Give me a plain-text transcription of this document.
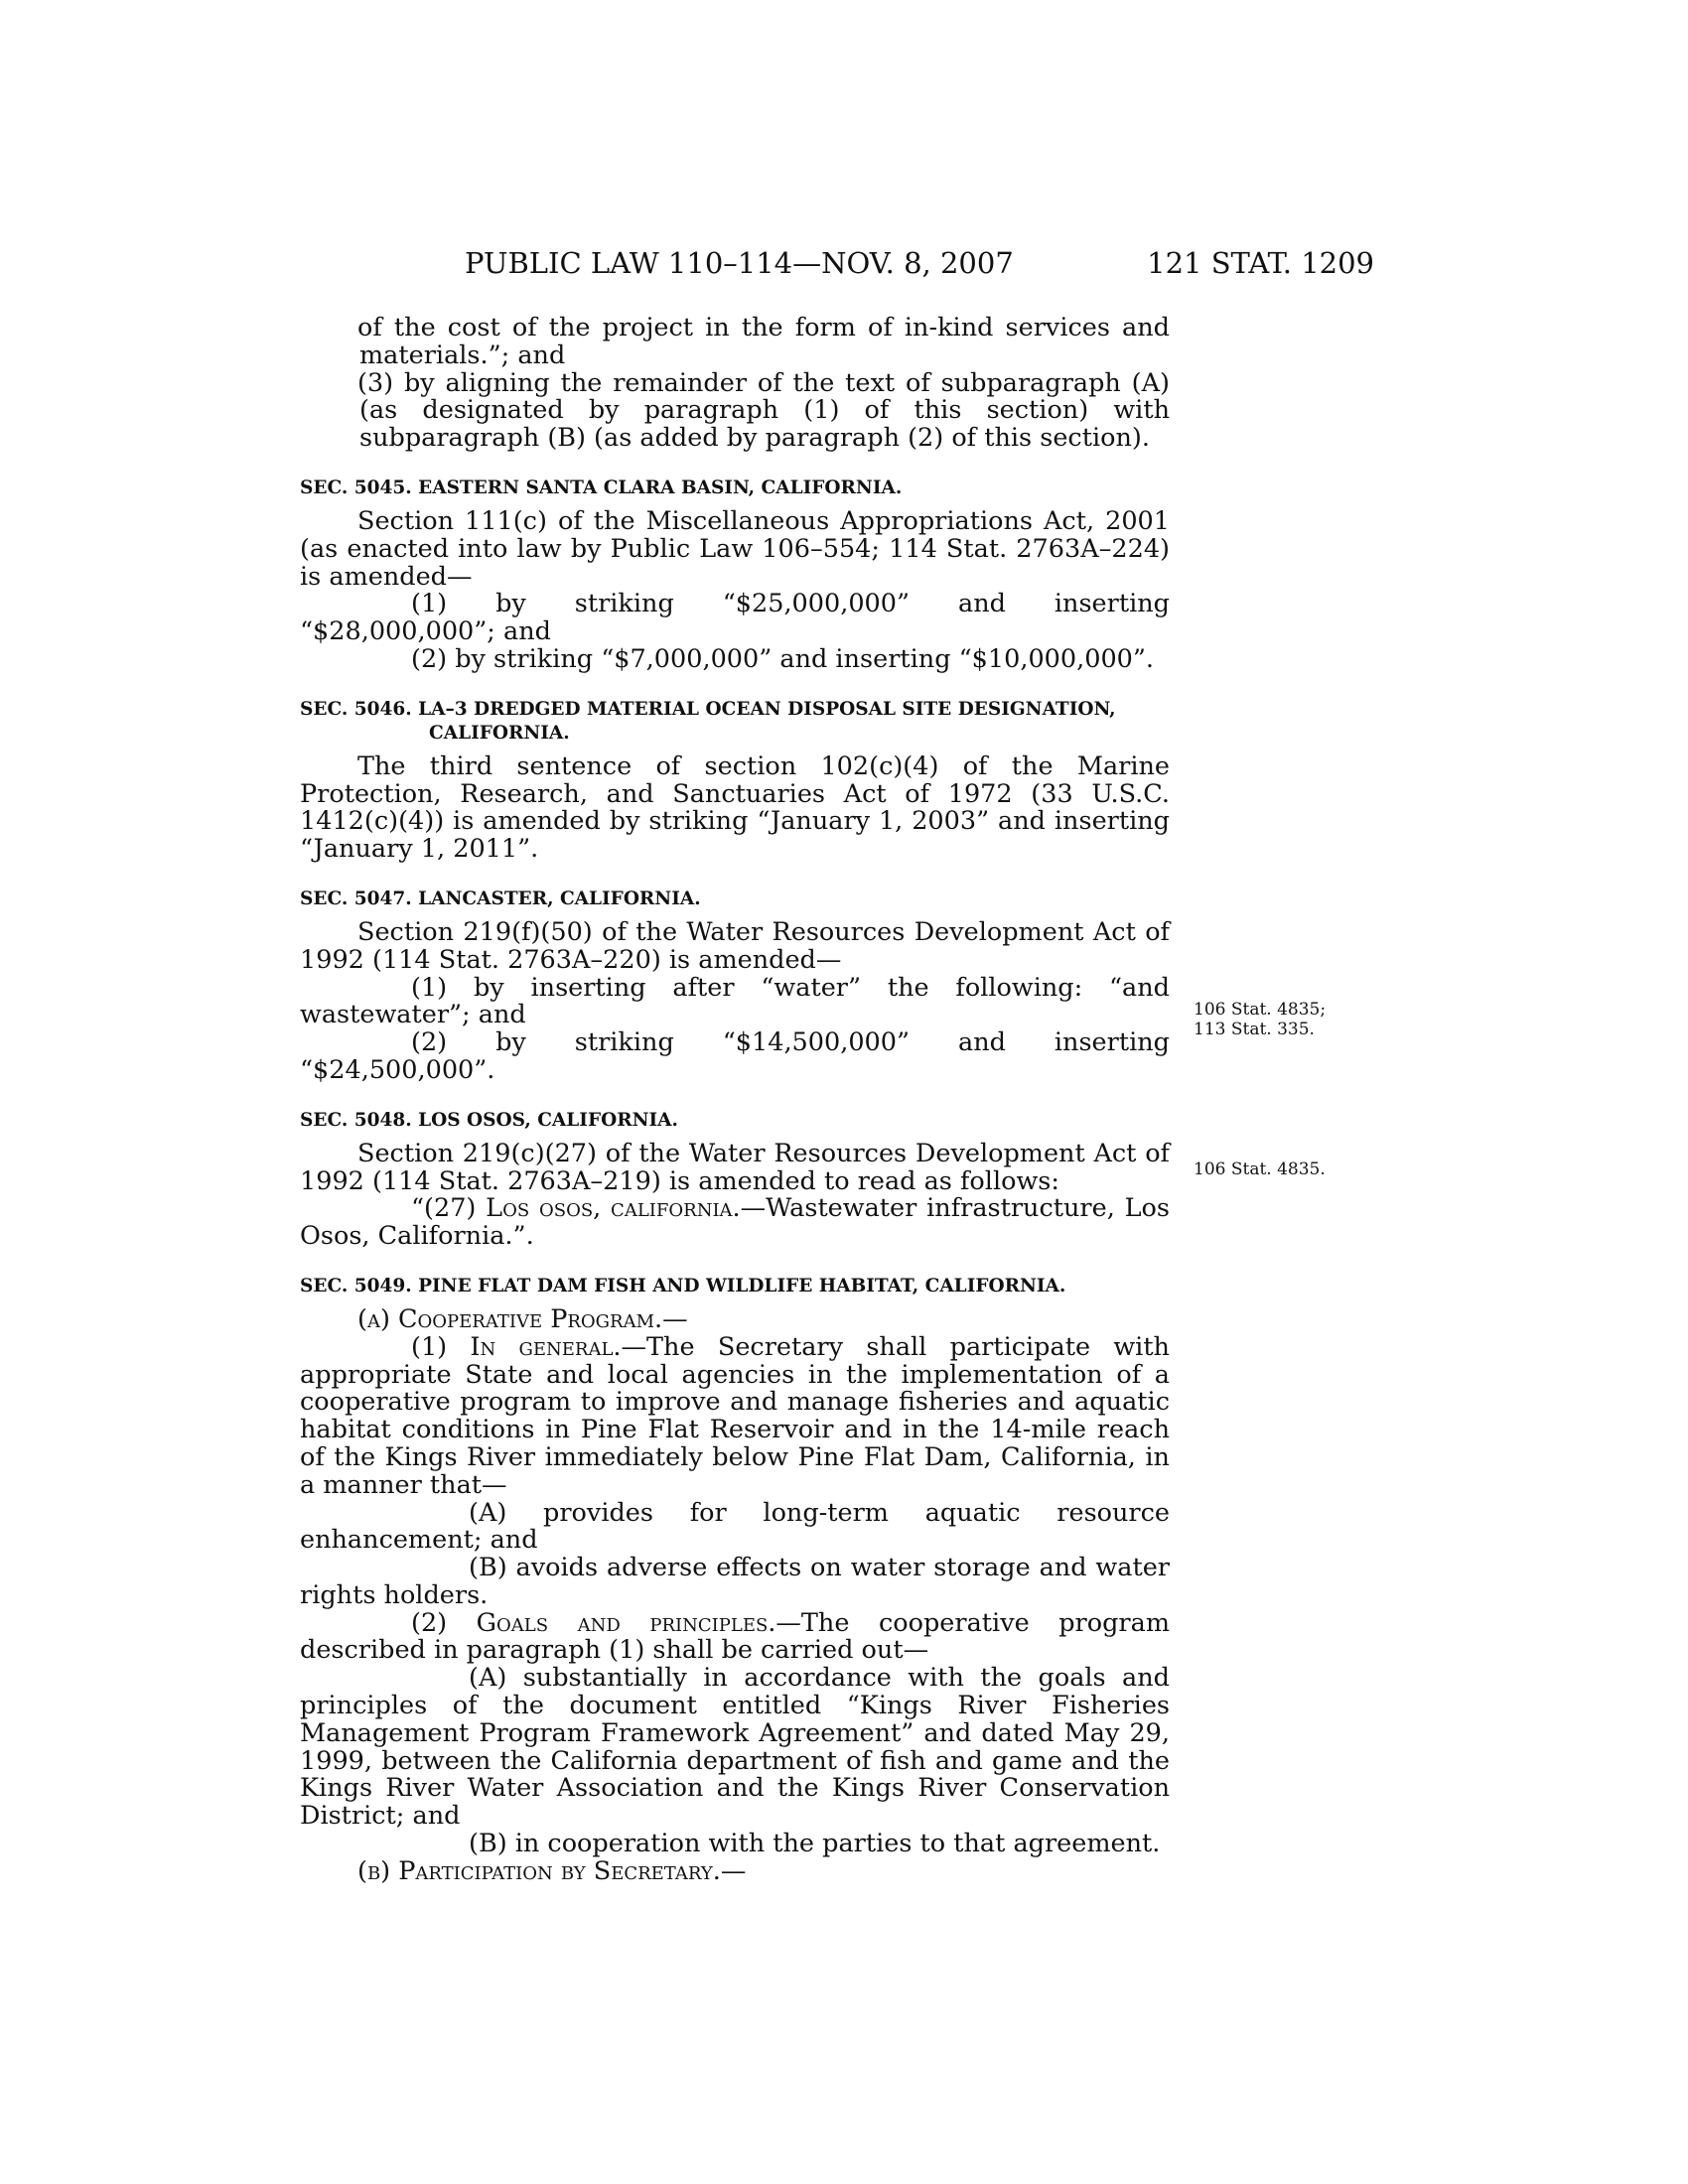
PUBLIC LAW 110–114—NOV. 8, 2007	121 STAT. 1209

of the cost of the project in the form of in-kind services and materials.”; and

(3) by aligning the remainder of the text of subparagraph (A) (as designated by paragraph (1) of this section) with subparagraph (B) (as added by paragraph (2) of this section).

SEC. 5045. EASTERN SANTA CLARA BASIN, CALIFORNIA.

Section 111(c) of the Miscellaneous Appropriations Act, 2001 (as enacted into law by Public Law 106–554; 114 Stat. 2763A–224) is amended—

(1) by striking “$25,000,000” and inserting “$28,000,000”; and

(2) by striking “$7,000,000” and inserting “$10,000,000”.

SEC. 5046. LA–3 DREDGED MATERIAL OCEAN DISPOSAL SITE DESIGNATION, CALIFORNIA.

The third sentence of section 102(c)(4) of the Marine Protection, Research, and Sanctuaries Act of 1972 (33 U.S.C. 1412(c)(4)) is amended by striking “January 1, 2003” and inserting “January 1, 2011”.

SEC. 5047. LANCASTER, CALIFORNIA.

Section 219(f)(50) of the Water Resources Development Act of 1992 (114 Stat. 2763A–220) is amended—

(1) by inserting after “water” the following: “and wastewater”; and

(2) by striking “$14,500,000” and inserting “$24,500,000”.

SEC. 5048. LOS OSOS, CALIFORNIA.

Section 219(c)(27) of the Water Resources Development Act of 1992 (114 Stat. 2763A–219) is amended to read as follows:

“(27) Los osos, california.—Wastewater infrastructure, Los Osos, California.”.

SEC. 5049. PINE FLAT DAM FISH AND WILDLIFE HABITAT, CALIFORNIA.

(a) Cooperative Program.—

(1) In general.—The Secretary shall participate with appropriate State and local agencies in the implementation of a cooperative program to improve and manage fisheries and aquatic habitat conditions in Pine Flat Reservoir and in the 14-mile reach of the Kings River immediately below Pine Flat Dam, California, in a manner that—

(A) provides for long-term aquatic resource enhancement; and

(B) avoids adverse effects on water storage and water rights holders.

(2) Goals and principles.—The cooperative program described in paragraph (1) shall be carried out—

(A) substantially in accordance with the goals and principles of the document entitled “Kings River Fisheries Management Program Framework Agreement” and dated May 29, 1999, between the California department of fish and game and the Kings River Water Association and the Kings River Conservation District; and

(B) in cooperation with the parties to that agreement.

(b) Participation by Secretary.—

106 Stat. 4835;
113 Stat. 335.
106 Stat. 4835.
